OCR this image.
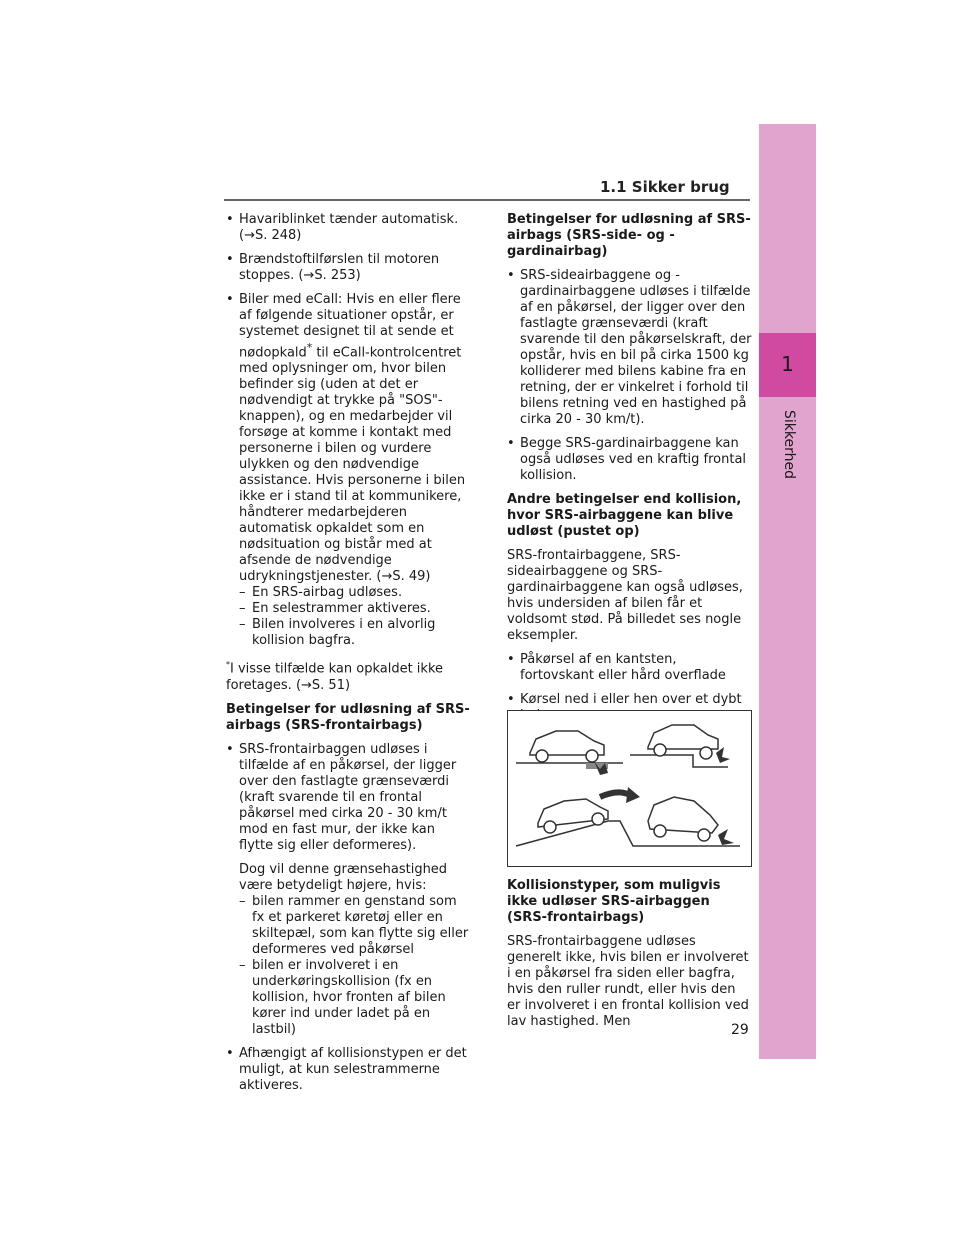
1
Sikkerhed
1.1 Sikker brug
• Havariblinket tænder automatisk. (→S. 248)
• Brændstoftilførslen til motoren stoppes. (→S. 253)
• Biler med eCall: Hvis en eller flere af følgende situationer opstår, er systemet designet til at sende et nødopkald* til eCall-kontrolcentret med oplysninger om, hvor bilen befinder sig (uden at det er nødvendigt at trykke på "SOS"-knappen), og en medarbejder vil forsøge at komme i kontakt med personerne i bilen og vurdere ulykken og den nødvendige assistance. Hvis personerne i bilen ikke er i stand til at kommunikere, håndterer medarbejderen automatisk opkaldet som en nødsituation og bistår med at afsende de nødvendige udrykningstjenester. (→S. 49)
– En SRS-airbag udløses.
– En selestrammer aktiveres.
– Bilen involveres i en alvorlig kollision bagfra.

*I visse tilfælde kan opkaldet ikke foretages. (→S. 51)

Betingelser for udløsning af SRS-airbags (SRS-frontairbags)
• SRS-frontairbaggen udløses i tilfælde af en påkørsel, der ligger over den fastlagte grænseværdi (kraft svarende til en frontal påkørsel med cirka 20 - 30 km/t mod en fast mur, der ikke kan flytte sig eller deformeres).

Dog vil denne grænsehastighed være betydeligt højere, hvis:

– bilen rammer en genstand som fx et parkeret køretøj eller en skiltepæl, som kan flytte sig eller deformeres ved påkørsel
– bilen er involveret i en underkøringskollision (fx en kollision, hvor fronten af bilen kører ind under ladet på en lastbil)
• Afhængigt af kollisionstypen er det muligt, at kun selestrammerne aktiveres.
Betingelser for udløsning af SRS-airbags (SRS-side- og -gardinairbag)
• SRS-sideairbaggene og -gardinairbaggene udløses i tilfælde af en påkørsel, der ligger over den fastlagte grænseværdi (kraft svarende til den påkørselskraft, der opstår, hvis en bil på cirka 1500 kg kolliderer med bilens kabine fra en retning, der er vinkelret i forhold til bilens retning ved en hastighed på cirka 20 - 30 km/t).
• Begge SRS-gardinairbaggene kan også udløses ved en kraftig frontal kollision.
Andre betingelser end kollision, hvor SRS-airbaggene kan blive udløst (pustet op)

SRS-frontairbaggene, SRS-sideairbaggene og SRS-gardinairbaggene kan også udløses, hvis undersiden af bilen får et voldsomt stød. På billedet ses nogle eksempler.

• Påkørsel af en kantsten, fortovskant eller hård overflade
• Kørsel ned i eller hen over et dybt
•
Kollisionstyper, som muligvis ikke udløser SRS-airbaggen (SRS-frontairbags)

SRS-frontairbaggene udløses generelt ikke, hvis bilen er involveret i en påkørsel fra siden eller bagfra, hvis den ruller rundt, eller hvis den er involveret i en frontal kollision ved lav hastighed. Men

29
